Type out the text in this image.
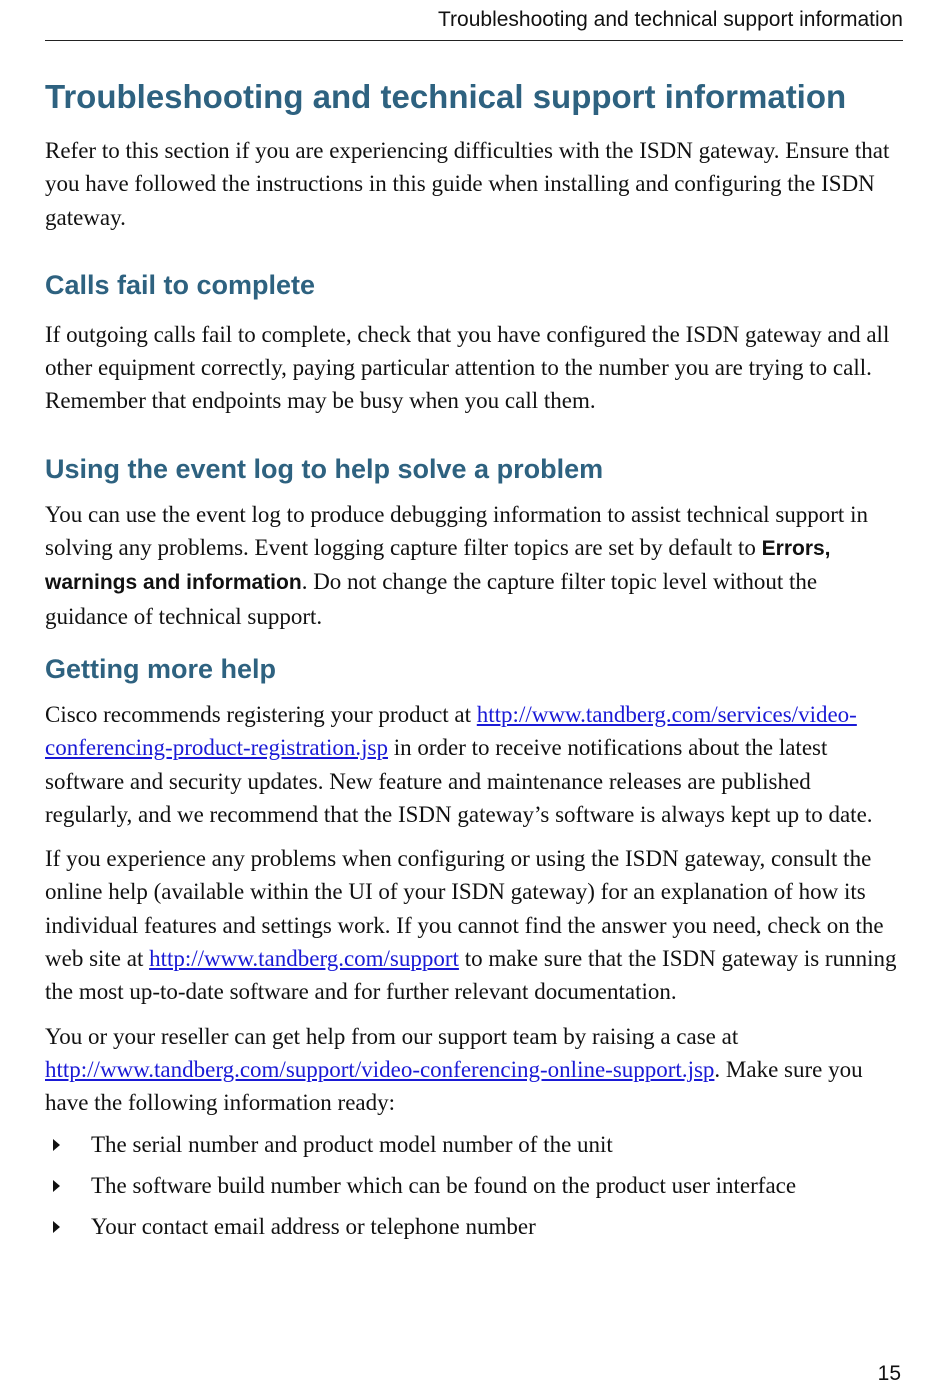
Troubleshooting and technical support information
Troubleshooting and technical support information

Refer to this section if you are experiencing difficulties with the ISDN gateway. Ensure that you have followed the instructions in this guide when installing and configuring the ISDN gateway.

Calls fail to complete

If outgoing calls fail to complete, check that you have configured the ISDN gateway and all other equipment correctly, paying particular attention to the number you are trying to call. Remember that endpoints may be busy when you call them.

Using the event log to help solve a problem

You can use the event log to produce debugging information to assist technical support in solving any problems. Event logging capture filter topics are set by default to Errors, warnings and information. Do not change the capture filter topic level without the guidance of technical support.

Getting more help

Cisco recommends registering your product at http://www.tandberg.com/services/video-conferencing-product-registration.jsp in order to receive notifications about the latest software and security updates. New feature and maintenance releases are published regularly, and we recommend that the ISDN gateway’s software is always kept up to date.

If you experience any problems when configuring or using the ISDN gateway, consult the online help (available within the UI of your ISDN gateway) for an explanation of how its individual features and settings work. If you cannot find the answer you need, check on the web site at http://www.tandberg.com/support to make sure that the ISDN gateway is running the most up-to-date software and for further relevant documentation.

You or your reseller can get help from our support team by raising a case at http://www.tandberg.com/support/video-conferencing-online-support.jsp. Make sure you have the following information ready:

The serial number and product model number of the unit
The software build number which can be found on the product user interface
Your contact email address or telephone number
15
